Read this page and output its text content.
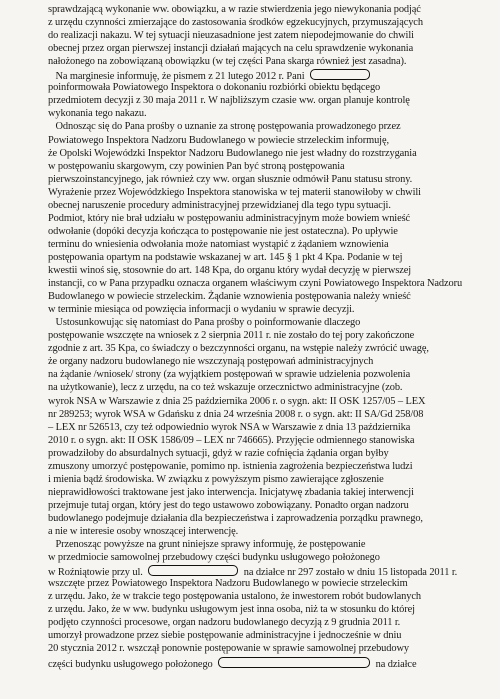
sprawdzającą wykonanie ww. obowiązku, a w razie stwierdzenia jego niewykonania podjąć
z urzędu czynności zmierzające do zastosowania środków egzekucyjnych, przymuszających
do realizacji nakazu. W tej sytuacji nieuzasadnione jest zatem niepodejmowanie do chwili
obecnej przez organ pierwszej instancji działań mających na celu sprawdzenie wykonania
nałożonego na zobowiązaną obowiązku (w tej części Pana skarga również jest zasadna).
Na marginesie informuję, że pismem z 21 lutego 2012 r. Pani
poinformowała Powiatowego Inspektora o dokonaniu rozbiórki obiektu będącego
przedmiotem decyzji z 30 maja 2011 r. W najbliższym czasie ww. organ planuje kontrolę
wykonania tego nakazu.
Odnosząc się do Pana prośby o uznanie za stronę postępowania prowadzonego przez
Powiatowego Inspektora Nadzoru Budowlanego w powiecie strzeleckim informuję,
że Opolski Wojewódzki Inspektor Nadzoru Budowlanego nie jest władny do rozstrzygania
w postępowaniu skargowym, czy powinien Pan być stroną postępowania
pierwszoinstancyjnego, jak również czy ww. organ słusznie odmówił Panu statusu strony.
Wyrażenie przez Wojewódzkiego Inspektora stanowiska w tej materii stanowiłoby w chwili
obecnej naruszenie procedury administracyjnej przewidzianej dla tego typu sytuacji.
Podmiot, który nie brał udziału w postępowaniu administracyjnym może bowiem wnieść
odwołanie (dopóki decyzja kończąca to postępowanie nie jest ostateczna). Po upływie
terminu do wniesienia odwołania może natomiast wystąpić z żądaniem wznowienia
postępowania opartym na podstawie wskazanej w art. 145 § 1 pkt 4 Kpa. Podanie w tej
kwestii winoś się, stosownie do art. 148 Kpa, do organu który wydał decyzję w pierwszej
instancji, co w Pana przypadku oznacza organem właściwym czyni Powiatowego Inspektora Nadzoru
Budowlanego w powiecie strzeleckim. Żądanie wznowienia postępowania należy wnieść
w terminie miesiąca od powzięcia informacji o wydaniu w sprawie decyzji.
Ustosunkowując się natomiast do Pana prośby o poinformowanie dlaczego
postępowanie wszczęte na wniosek z 2 sierpnia 2011 r. nie zostało do tej pory zakończone
zgodnie z art. 35 Kpa, co świadczy o bezczynności organu, na wstępie należy zwrócić uwagę,
że organy nadzoru budowlanego nie wszczynają postępowań administracyjnych
na żądanie /wniosek/ strony (za wyjątkiem postępowań w sprawie udzielenia pozwolenia
na użytkowanie), lecz z urzędu, na co też wskazuje orzecznictwo administracyjne (zob.
wyrok NSA w Warszawie z dnia 25 października 2006 r. o sygn. akt: II OSK 1257/05 – LEX
nr 289253; wyrok WSA w Gdańsku z dnia 24 września 2008 r. o sygn. akt: II SA/Gd 258/08
– LEX nr 526513, czy też odpowiednio wyrok NSA w Warszawie z dnia 13 października
2010 r. o sygn. akt: II OSK 1586/09 – LEX nr 746665). Przyjęcie odmiennego stanowiska
prowadziłoby do absurdalnych sytuacji, gdyż w razie cofnięcia żądania organ byłby
zmuszony umorzyć postępowanie, pomimo np. istnienia zagrożenia bezpieczeństwa ludzi
i mienia bądź środowiska. W związku z powyższym pismo zawierające zgłoszenie
nieprawidłowości traktowane jest jako interwencja. Inicjatywę zbadania takiej interwencji
przejmuje tutaj organ, który jest do tego ustawowo zobowiązany. Ponadto organ nadzoru
budowlanego podejmuje działania dla bezpieczeństwa i zaprowadzenia porządku prawnego,
a nie w interesie osoby wnoszącej interwencję.
Przenosząc powyższe na grunt niniejsze sprawy informuję, że postępowanie
w przedmiocie samowolnej przebudowy części budynku usługowego położonego
w Roźniątowie przy ul.	na działce nr 297 zostało w dniu 15 listopada 2011 r.
wszczęte przez Powiatowego Inspektora Nadzoru Budowlanego w powiecie strzeleckim
z urzędu. Jako, że w trakcie tego postępowania ustalono, że inwestorem robót budowlanych
z urzędu. Jako, że w ww. budynku usługowym jest inna osoba, niż ta w stosunku do której
podjęto czynności procesowe, organ nadzoru budowlanego decyzją z 9 grudnia 2011 r.
umorzył prowadzone przez siebie postępowanie administracyjne i jednocześnie w dniu
20 stycznia 2012 r. wszczął ponownie postępowanie w sprawie samowolnej przebudowy
części budynku usługowego położonego	na działce
